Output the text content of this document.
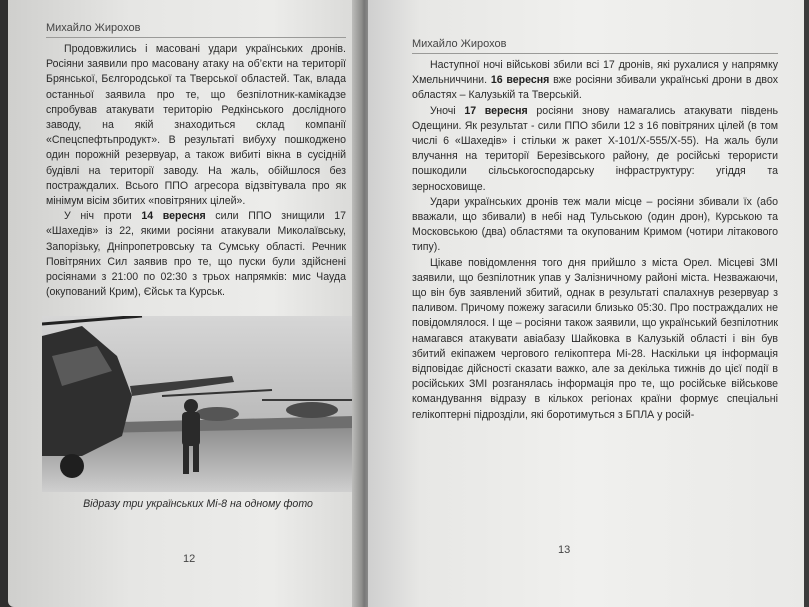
Михайло Жирохов

Продовжились і масовані удари українських дронів. Росіяни заявили про масовану атаку на об’єкти на території Брянської, Бєлгородської та Тверської областей. Так, влада останньої заявила про те, що безпілотник-камікадзе спробував атакувати територію Редкінського дослідного заводу, на якій знаходиться склад компанії «Спецспефтьпродукт». В результаті вибуху пошкоджено один порожній резервуар, а також вибиті вікна в сусідній будівлі на території заводу. На жаль, обійшлося без постраждалих. Всього ППО агресора відзвітувала про як мінімум вісім збитих «повітряних цілей».

У ніч проти 14 вересня сили ППО знищили 17 «Шахедів» із 22, якими росіяни атакували Миколаївську, Запорізьку, Дніпропетровську та Сумську області. Речник Повітряних Сил заявив про те, що пуски були здійснені росіянами з 21:00 по 02:30 з трьох напрямків: мис Чауда (окупований Крим), Єйськ та Курськ.

Відразу три українських Мі-8 на одному фото
12
Михайло Жирохов

Наступної ночі військові збили всі 17 дронів, які рухалися у напрямку Хмельниччини. 16 вересня вже росіяни збивали українські дрони в двох областях – Калузькій та Тверській.

Уночі 17 вересня росіяни знову намагались атакувати південь Одещини. Як результат - сили ППО збили 12 з 16 повітряних цілей (в том числі 6 «Шахедів» і стільки ж ракет Х-101/Х-555/Х-55). На жаль були влучання на території Березівського району, де російські терористи пошкодили сільськогосподарську інфраструктуру: угіддя та зерносховище.

Удари українських дронів теж мали місце – росіяни збивали їх (або вважали, що збивали) в небі над Тульською (один дрон), Курською та Московською (два) областями та окупованим Кримом (чотири літакового типу).

Цікаве повідомлення того дня прийшло з міста Орел. Місцеві ЗМІ заявили, що безпілотник упав у Залізничному районі міста. Незважаючи, що він був заявлений збитий, однак в результаті спалахнув резервуар з паливом. Причому пожежу загасили близько 05:30. Про постраждалих не повідомлялося. І ще – росіяни також заявили, що український безпілотник намагався атакувати авіабазу Шайковка в Калузькій області і він був збитий екіпажем чергового гелікоптера Мі-28. Наскільки ця інформація відповідає дійсності сказати важко, але за декілька тижнів до цієї події в російських ЗМІ розганялась інформація про те, що російське військове командування відразу в кількох регіонах країни формує спеціальні гелікоптерні підрозділи, які боротимуться з БПЛА у росій-

13
